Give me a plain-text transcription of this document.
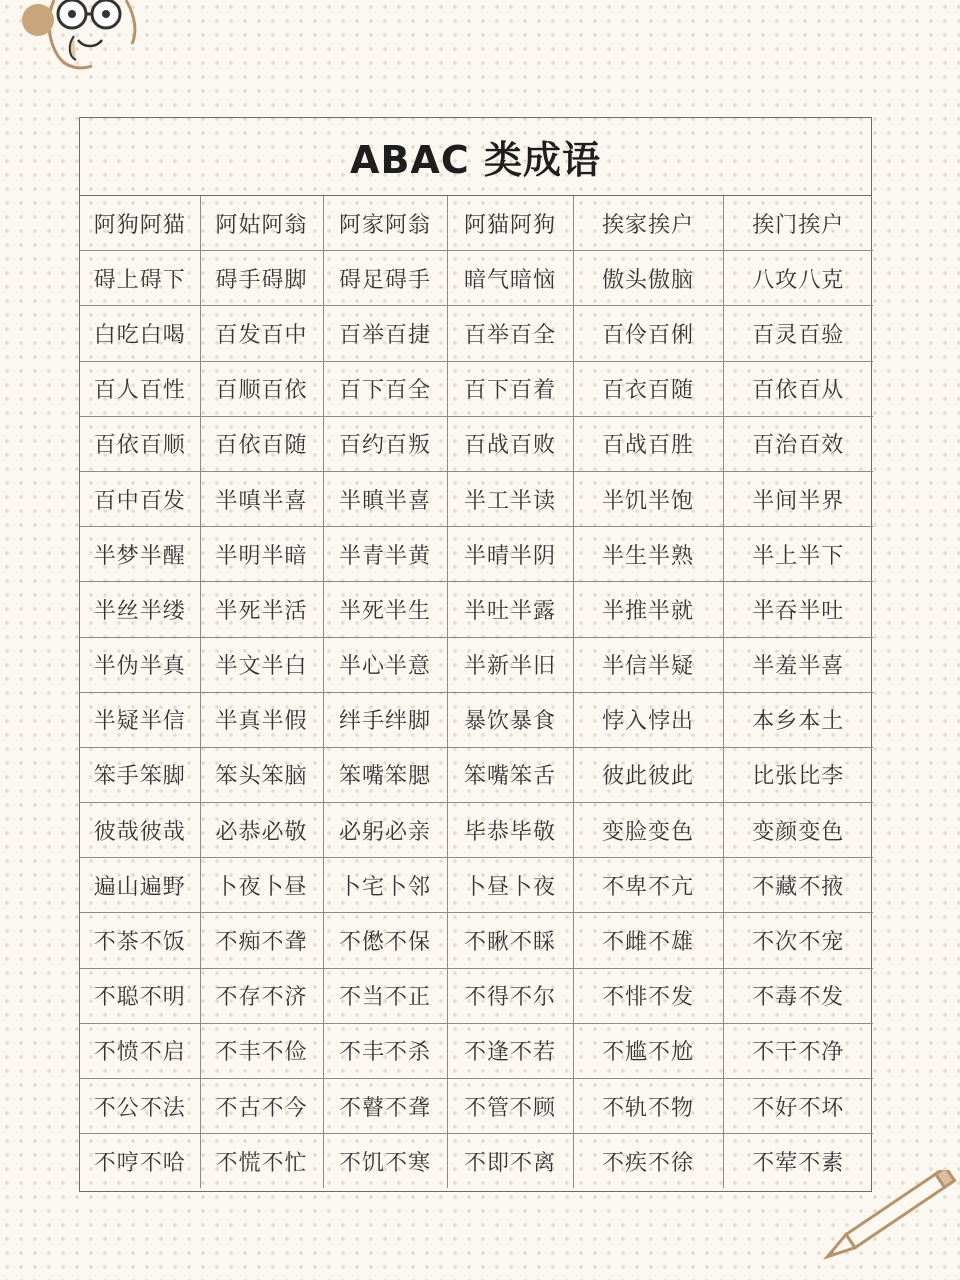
ABAC 类成语
阿狗阿猫	阿姑阿翁	阿家阿翁	阿猫阿狗	挨家挨户	挨门挨户
碍上碍下	碍手碍脚	碍足碍手	暗气暗恼	傲头傲脑	八攻八克
白吃白喝	百发百中	百举百捷	百举百全	百伶百俐	百灵百验
百人百性	百顺百依	百下百全	百下百着	百衣百随	百依百从
百依百顺	百依百随	百约百叛	百战百败	百战百胜	百治百效
百中百发	半嗔半喜	半瞋半喜	半工半读	半饥半饱	半间半界
半梦半醒	半明半暗	半青半黄	半晴半阴	半生半熟	半上半下
半丝半缕	半死半活	半死半生	半吐半露	半推半就	半吞半吐
半伪半真	半文半白	半心半意	半新半旧	半信半疑	半羞半喜
半疑半信	半真半假	绊手绊脚	暴饮暴食	悖入悖出	本乡本土
笨手笨脚	笨头笨脑	笨嘴笨腮	笨嘴笨舌	彼此彼此	比张比李
彼哉彼哉	必恭必敬	必躬必亲	毕恭毕敬	变脸变色	变颜变色
遍山遍野	卜夜卜昼	卜宅卜邻	卜昼卜夜	不卑不亢	不藏不掖
不茶不饭	不痴不聋	不僽不保	不瞅不睬	不雌不雄	不次不宠
不聪不明	不存不济	不当不正	不得不尔	不悱不发	不毒不发
不愤不启	不丰不俭	不丰不杀	不逢不若	不尴不尬	不干不净
不公不法	不古不今	不瞽不聋	不管不顾	不轨不物	不好不坏
不哼不哈	不慌不忙	不饥不寒	不即不离	不疾不徐	不荤不素
